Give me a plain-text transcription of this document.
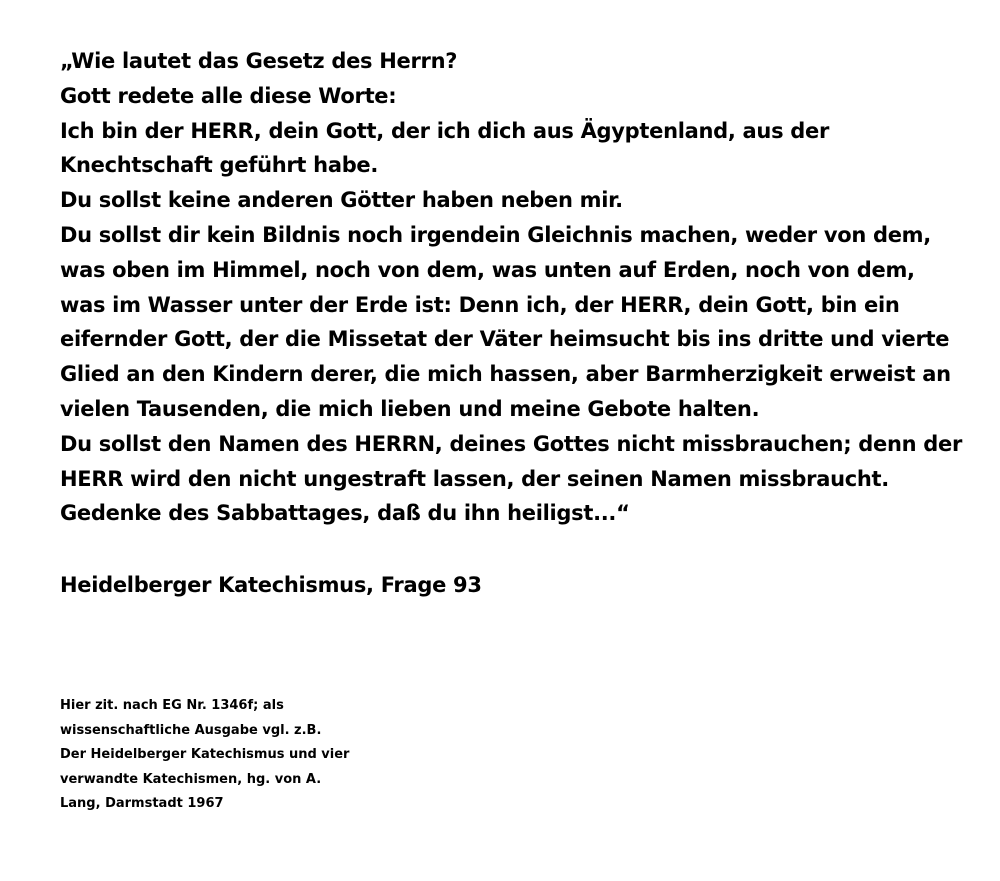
„Wie lautet das Gesetz des Herrn?
Gott redete alle diese Worte:
Ich bin der HERR, dein Gott, der ich dich aus Ägyptenland, aus der
Knechtschaft geführt habe.
Du sollst keine anderen Götter haben neben mir.
Du sollst dir kein Bildnis noch irgendein Gleichnis machen, weder von dem,
was oben im Himmel, noch von dem, was unten auf Erden, noch von dem,
was im Wasser unter der Erde ist: Denn ich, der HERR, dein Gott, bin ein
eifernder Gott, der die Missetat der Väter heimsucht bis ins dritte und vierte
Glied an den Kindern derer, die mich hassen, aber Barmherzigkeit erweist an
vielen Tausenden, die mich lieben und meine Gebote halten.
Du sollst den Namen des HERRN, deines Gottes nicht missbrauchen; denn der
HERR wird den nicht ungestraft lassen, der seinen Namen missbraucht.
Gedenke des Sabbattages, daß du ihn heiligst...“

Heidelberger Katechismus, Frage 93

Hier zit. nach EG Nr. 1346f; als
wissenschaftliche Ausgabe vgl. z.B.
Der Heidelberger Katechismus und vier
verwandte Katechismen, hg. von A.
Lang, Darmstadt 1967
